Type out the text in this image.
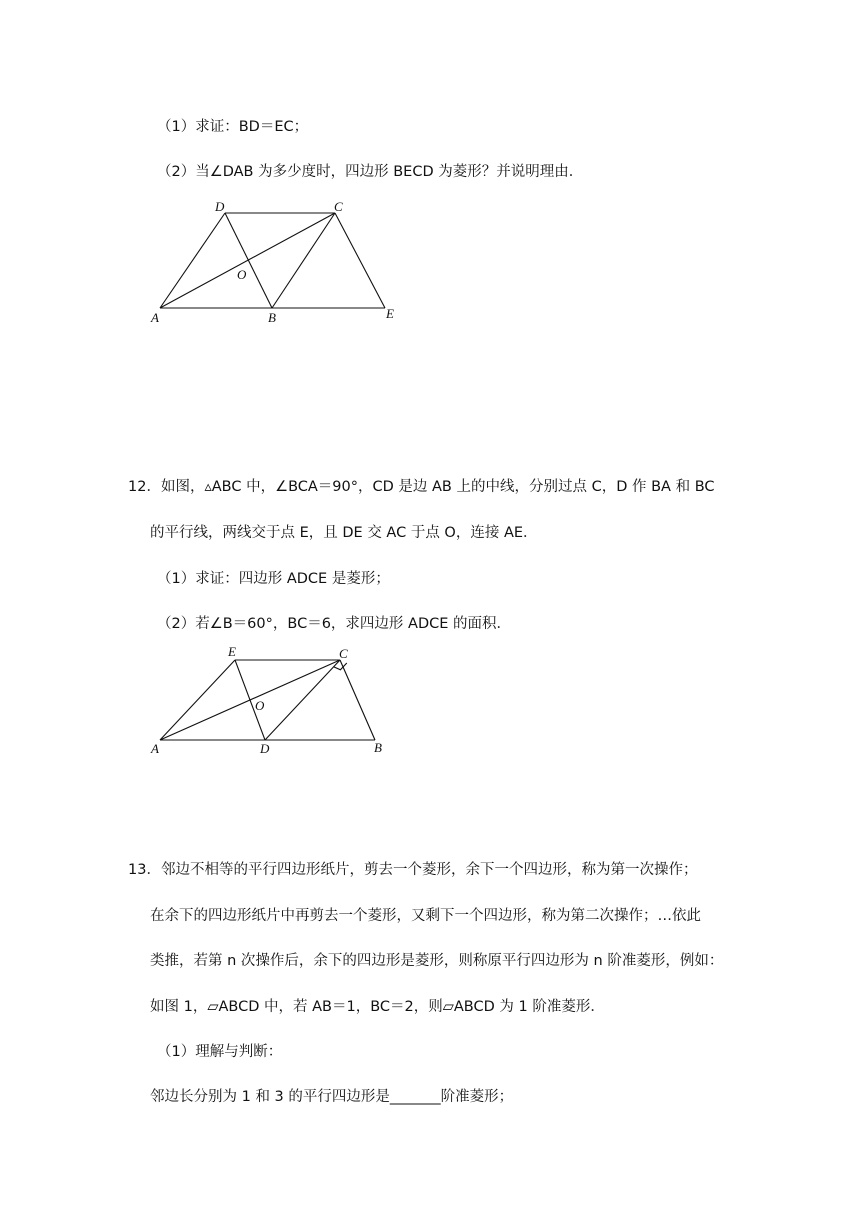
（1）求证：BD＝EC；
（2）当∠DAB 为多少度时，四边形 BECD 为菱形？并说明理由．
D	C
O
A	B	E
12．如图，▵ABC 中，∠BCA＝90°，CD 是边 AB 上的中线，分别过点 C，D 作 BA 和 BC
的平行线，两线交于点 E，且 DE 交 AC 于点 O，连接 AE．
（1）求证：四边形 ADCE 是菱形；
（2）若∠B＝60°，BC＝6，求四边形 ADCE 的面积．
E	C
O
A	D	B
13．邻边不相等的平行四边形纸片，剪去一个菱形，余下一个四边形，称为第一次操作；
在余下的四边形纸片中再剪去一个菱形，又剩下一个四边形，称为第二次操作；…依此
类推，若第 n 次操作后，余下的四边形是菱形，则称原平行四边形为 n 阶准菱形，例如：
如图 1，▱ABCD 中，若 AB＝1，BC＝2，则▱ABCD 为 1 阶准菱形．
（1）理解与判断：
邻边长分别为 1 和 3 的平行四边形是_______阶准菱形；
